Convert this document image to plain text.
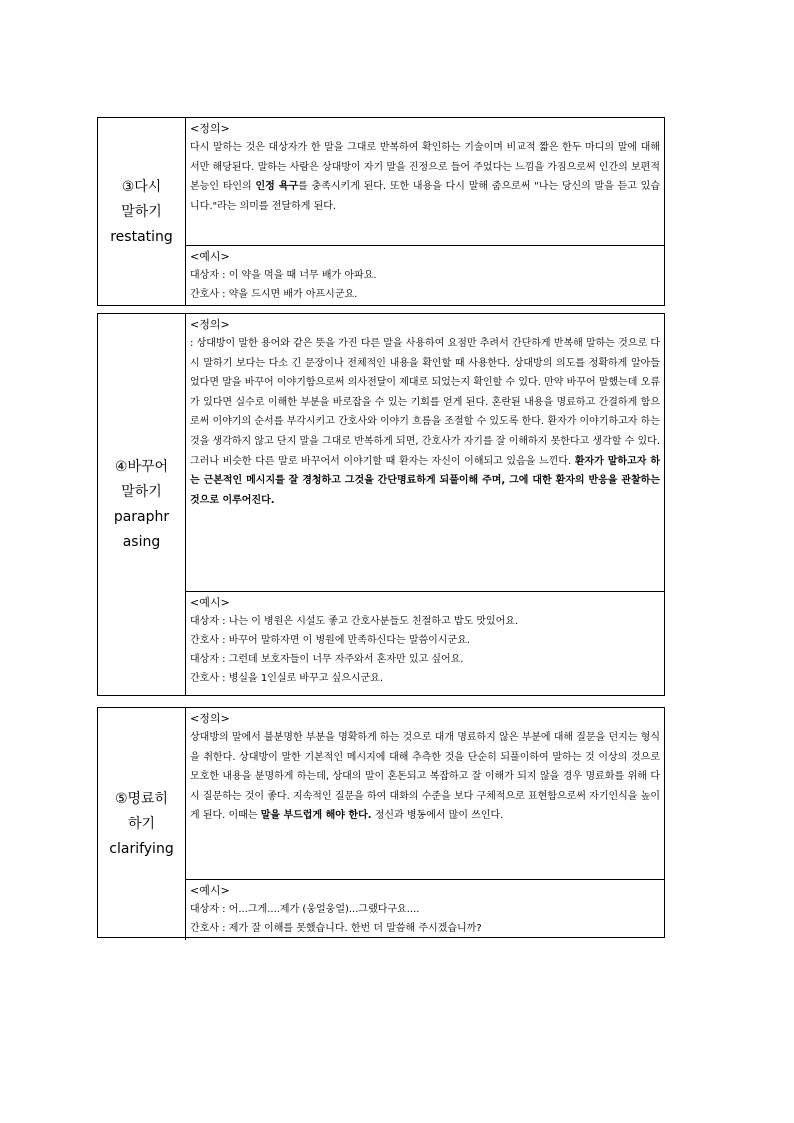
③다시
말하기
restating
<정의>
다시 말하는 것은 대상자가 한 말을 그대로 반복하여 확인하는 기술이며 비교적 짧은 한두 마디의 말에 대해서만 해당된다. 말하는 사람은 상대방이 자기 말을 진정으로 들어 주었다는 느낌을 가짐으로써 인간의 보편적 본능인 타인의 인정 욕구를 충족시키게 된다. 또한 내용을 다시 말해 줌으로써 "나는 당신의 말을 듣고 있습니다."라는 의미를 전달하게 된다.
<예시>
대상자 : 이 약을 먹을 때 너무 배가 아파요.
간호사 : 약을 드시면 배가 아프시군요.
④바꾸어
말하기
paraphr
asing
<정의>
: 상대방이 말한 용어와 같은 뜻을 가진 다른 말을 사용하여 요점만 추려서 간단하게 반복해 말하는 것으로 다시 말하기 보다는 다소 긴 문장이나 전체적인 내용을 확인할 때 사용한다. 상대방의 의도를 정확하게 알아들었다면 말을 바꾸어 이야기함으로써 의사전달이 제대로 되었는지 확인할 수 있다. 만약 바꾸어 말했는데 오류가 있다면 실수로 이해한 부분을 바로잡을 수 있는 기회를 얻게 된다. 혼란된 내용을 명료하고 간결하게 함으로써 이야기의 순서를 부각시키고 간호사와 이야기 흐름을 조절할 수 있도록 한다. 환자가 이야기하고자 하는 것을 생각하지 않고 단지 말을 그대로 반복하게 되면, 간호사가 자기를 잘 이해하지 못한다고 생각할 수 있다. 그러나 비슷한 다른 말로 바꾸어서 이야기할 때 환자는 자신이 이해되고 있음을 느낀다. 환자가 말하고자 하는 근본적인 메시지를 잘 경청하고 그것을 간단명료하게 되풀이해 주며, 그에 대한 환자의 반응을 관찰하는 것으로 이루어진다.
<예시>
대상자 : 나는 이 병원은 시설도 좋고 간호사분들도 친절하고 밥도 맛있어요.
간호사 : 바꾸어 말하자면 이 병원에 만족하신다는 말씀이시군요.
대상자 : 그런데 보호자들이 너무 자주와서 혼자만 있고 싶어요.
간호사 : 병실을 1인실로 바꾸고 싶으시군요.
⑤명료히
하기
clarifying
<정의>
상대방의 말에서 불분명한 부분을 명확하게 하는 것으로 대개 명료하지 않은 부분에 대해 질문을 던지는 형식을 취한다. 상대방이 말한 기본적인 메시지에 대해 추측한 것을 단순히 되풀이하여 말하는 것 이상의 것으로 모호한 내용을 분명하게 하는데, 상대의 말이 혼돈되고 복잡하고 잘 이해가 되지 않을 경우 명료화를 위해 다시 질문하는 것이 좋다. 지속적인 질문을 하여 대화의 수준을 보다 구체적으로 표현함으로써 자기인식을 높이게 된다. 이때는 말을 부드럽게 해야 한다. 정신과 병동에서 많이 쓰인다.
<예시>
대상자 : 어...그게....제가 (웅얼웅얼)...그랬다구요....
간호사 : 제가 잘 이해를 못했습니다. 한번 더 말씀해 주시겠습니까?
